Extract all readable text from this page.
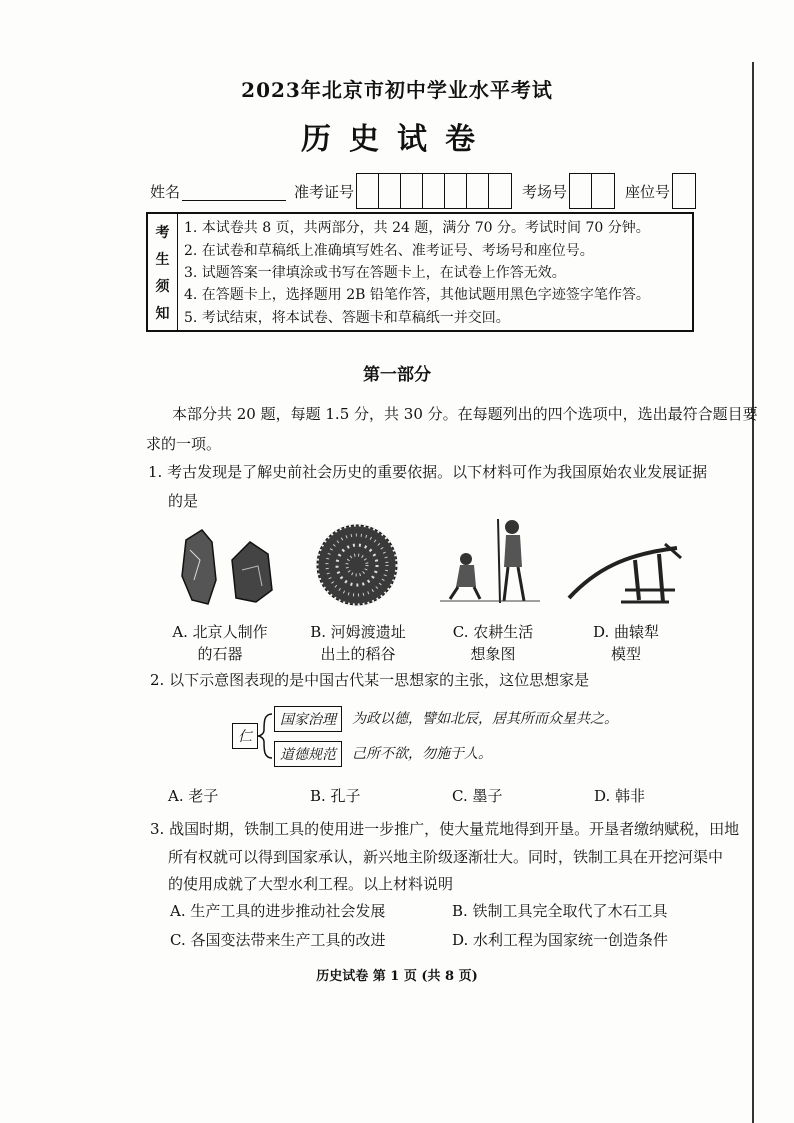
2023年北京市初中学业水平考试
历史试卷
姓名	准考证号	考场号	座位号
考
生
须
知
1. 本试卷共 8 页，共两部分，共 24 题，满分 70 分。考试时间 70 分钟。
2. 在试卷和草稿纸上准确填写姓名、准考证号、考场号和座位号。
3. 试题答案一律填涂或书写在答题卡上，在试卷上作答无效。
4. 在答题卡上，选择题用 2B 铅笔作答，其他试题用黑色字迹签字笔作答。
5. 考试结束，将本试卷、答题卡和草稿纸一并交回。
第一部分
本部分共 20 题，每题 1.5 分，共 30 分。在每题列出的四个选项中，选出最符合题目要
求的一项。
1. 考古发现是了解史前社会历史的重要依据。以下材料可作为我国原始农业发展证据
的是
A. 北京人制作
的石器
B. 河姆渡遗址
出土的稻谷
C. 农耕生活
想象图
D. 曲辕犁
模型
2. 以下示意图表现的是中国古代某一思想家的主张，这位思想家是
仁
国家治理	为政以德，譬如北辰，居其所而众星共之。
道德规范	己所不欲，勿施于人。
A. 老子	B. 孔子	C. 墨子	D. 韩非
3. 战国时期，铁制工具的使用进一步推广，使大量荒地得到开垦。开垦者缴纳赋税，田地
所有权就可以得到国家承认，新兴地主阶级逐渐壮大。同时，铁制工具在开挖河渠中
的使用成就了大型水利工程。以上材料说明
A. 生产工具的进步推动社会发展	B. 铁制工具完全取代了木石工具
C. 各国变法带来生产工具的改进	D. 水利工程为国家统一创造条件
历史试卷 第 1 页 (共 8 页)
